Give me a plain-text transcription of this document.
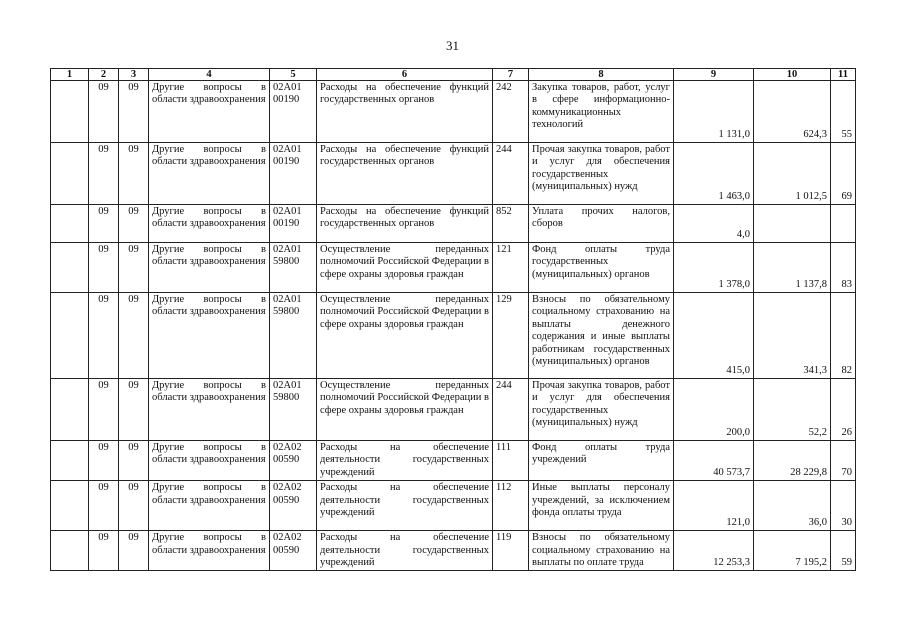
31
1	2	3	4	5	6	7	8	9	10	11
	09	09	Другие вопросы в области здравоохранения	02А01 00190	Расходы на обеспечение функций государственных органов	242	Закупка товаров, работ, услуг в сфере информационно-коммуникационных технологий	1 131,0	624,3	55
	09	09	Другие вопросы в области здравоохранения	02А01 00190	Расходы на обеспечение функций государственных органов	244	Прочая закупка товаров, работ и услуг для обеспечения государственных (муниципальных) нужд	1 463,0	1 012,5	69
	09	09	Другие вопросы в области здравоохранения	02А01 00190	Расходы на обеспечение функций государственных органов	852	Уплата прочих налогов, сборов	4,0		
	09	09	Другие вопросы в области здравоохранения	02А01 59800	Осуществление переданных полномочий Российской Федерации в сфере охраны здоровья граждан	121	Фонд оплаты труда государственных (муниципальных) органов	1 378,0	1 137,8	83
	09	09	Другие вопросы в области здравоохранения	02А01 59800	Осуществление переданных полномочий Российской Федерации в сфере охраны здоровья граждан	129	Взносы по обязательному социальному страхованию на выплаты денежного содержания и иные выплаты работникам государственных (муниципальных) органов	415,0	341,3	82
	09	09	Другие вопросы в области здравоохранения	02А01 59800	Осуществление переданных полномочий Российской Федерации в сфере охраны здоровья граждан	244	Прочая закупка товаров, работ и услуг для обеспечения государственных (муниципальных) нужд	200,0	52,2	26
	09	09	Другие вопросы в области здравоохранения	02А02 00590	Расходы на обеспечение деятельности государственных учреждений	111	Фонд оплаты труда учреждений	40 573,7	28 229,8	70
	09	09	Другие вопросы в области здравоохранения	02А02 00590	Расходы на обеспечение деятельности государственных учреждений	112	Иные выплаты персоналу учреждений, за исключением фонда оплаты труда	121,0	36,0	30
	09	09	Другие вопросы в области здравоохранения	02А02 00590	Расходы на обеспечение деятельности государственных учреждений	119	Взносы по обязательному социальному страхованию на выплаты по оплате труда	12 253,3	7 195,2	59
